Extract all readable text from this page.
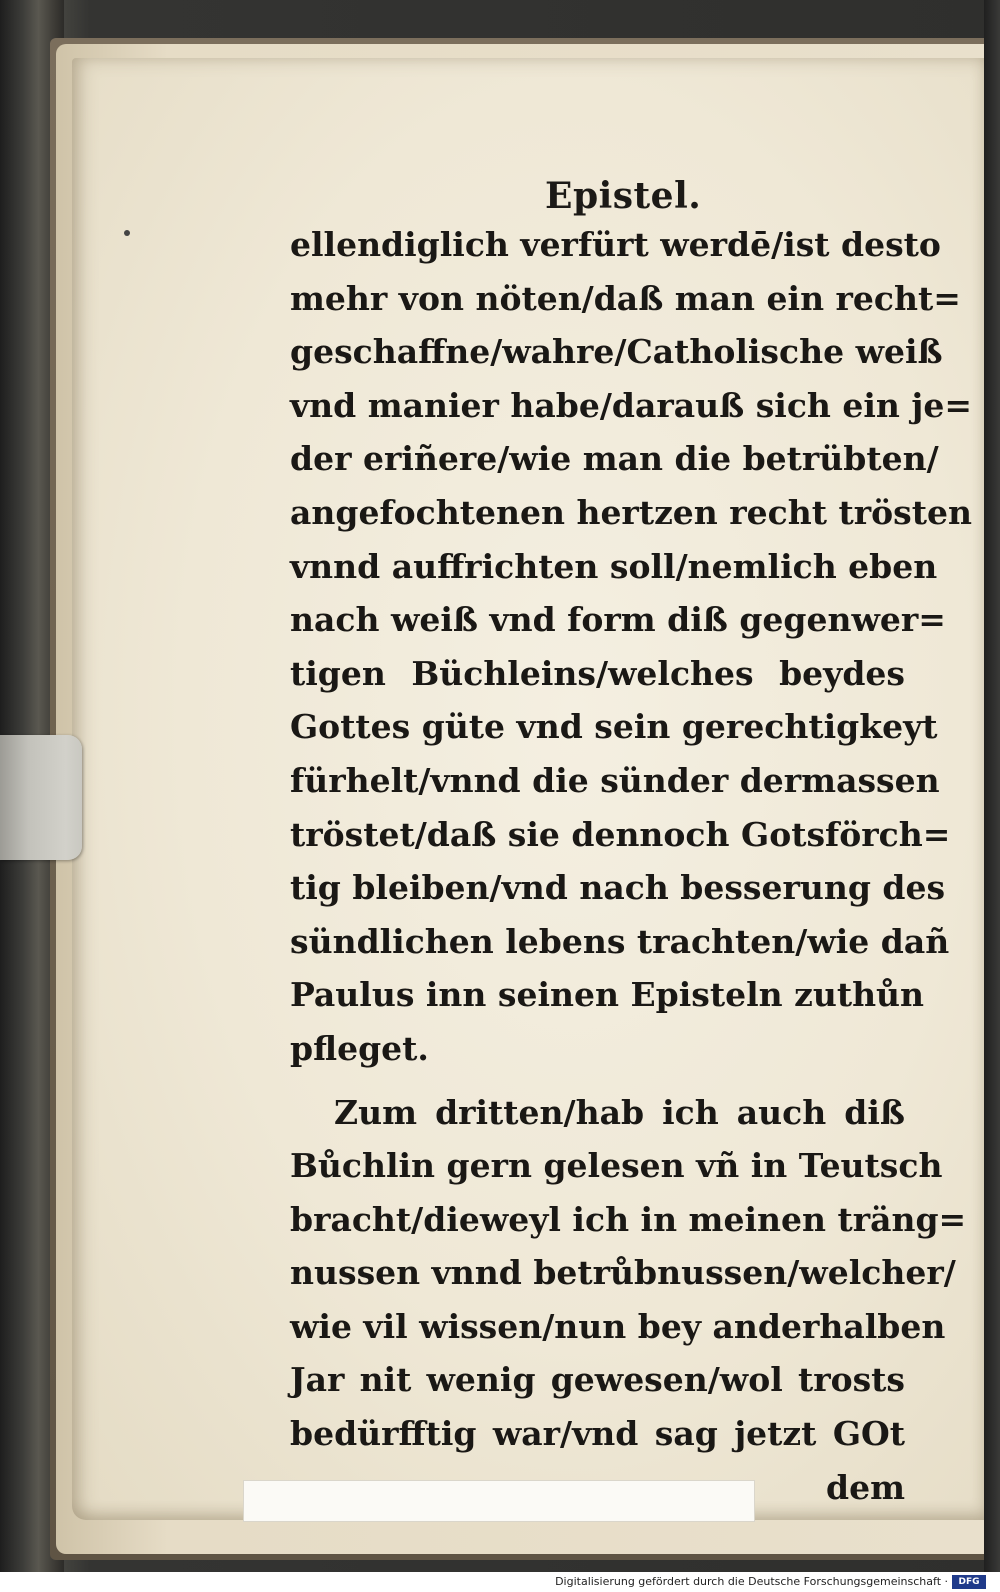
Epistel.
ellendiglich verfürt werdē/ist desto
mehr von nöten/daß man ein recht=
geschaffne/wahre/Catholische weiß
vnd manier habe/darauß sich ein je=
der eriñere/wie man die betrübten/
angefochtenen hertzen recht trösten
vnnd auffrichten soll/nemlich eben
nach weiß vnd form diß gegenwer=
tigen Büchleins/welches beydes
Gottes güte vnd sein gerechtigkeyt
fürhelt/vnnd die sünder dermassen
tröstet/daß sie dennoch Gotsförch=
tig bleiben/vnd nach besserung des
sündlichen lebens trachten/wie dañ
Paulus inn seinen Episteln zuthůn
pfleget.
Zum dritten/hab ich auch diß
Bůchlin gern gelesen vñ in Teutsch
bracht/dieweyl ich in meinen träng=
nussen vnnd betrůbnussen/welcher/
wie vil wissen/nun bey anderhalben
Jar nit wenig gewesen/wol trosts
bedürfftig war/vnd sag jetzt GOt
dem
Digitalisierung gefördert durch die Deutsche Forschungsgemeinschaft ·	DFG
